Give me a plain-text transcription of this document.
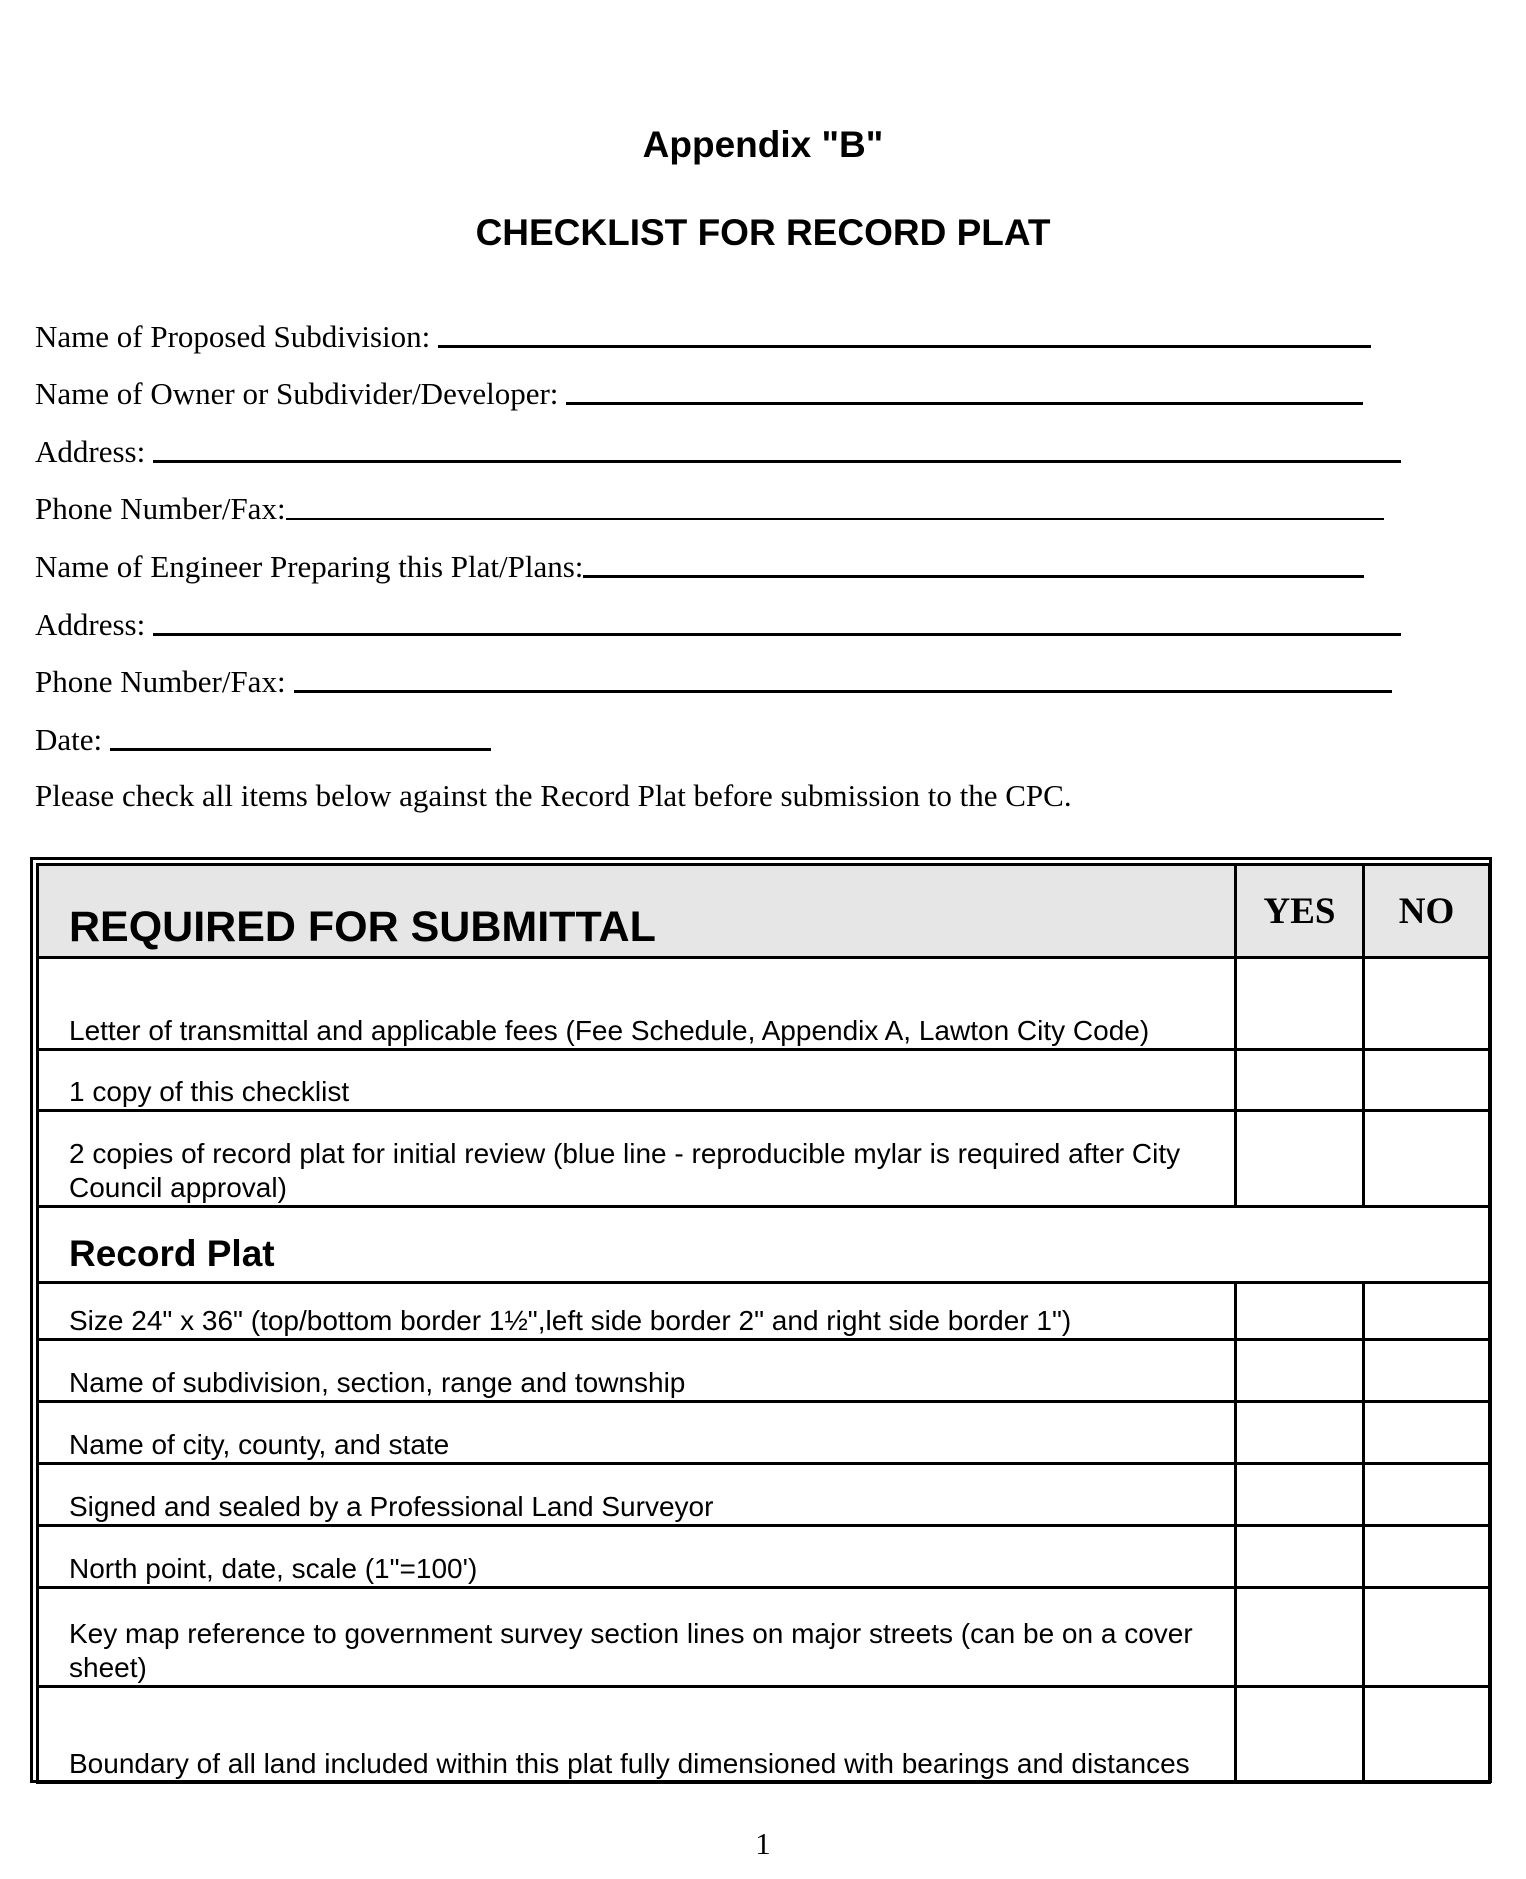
Appendix "B"
CHECKLIST FOR RECORD PLAT
Name of Proposed Subdivision:
Name of Owner or Subdivider/Developer:
Address:
Phone Number/Fax:
Name of Engineer Preparing this Plat/Plans:
Address:
Phone Number/Fax:
Date:
Please check all items below against the Record Plat before submission to the CPC.
REQUIRED FOR SUBMITTAL	YES	NO
Letter of transmittal and applicable fees (Fee Schedule, Appendix A, Lawton City Code)		
1 copy of this checklist		
2 copies of record plat for initial review (blue line - reproducible mylar is required after City Council approval)		
Record Plat		
Size 24" x 36" (top/bottom border 1½",left side border 2" and right side border 1")		
Name of subdivision, section, range and township		
Name of city, county, and state		
Signed and sealed by a Professional Land Surveyor		
North point, date, scale (1"=100')		
Key map reference to government survey section lines on major streets (can be on a cover sheet)		
Boundary of all land included within this plat fully dimensioned with bearings and distances		
1
